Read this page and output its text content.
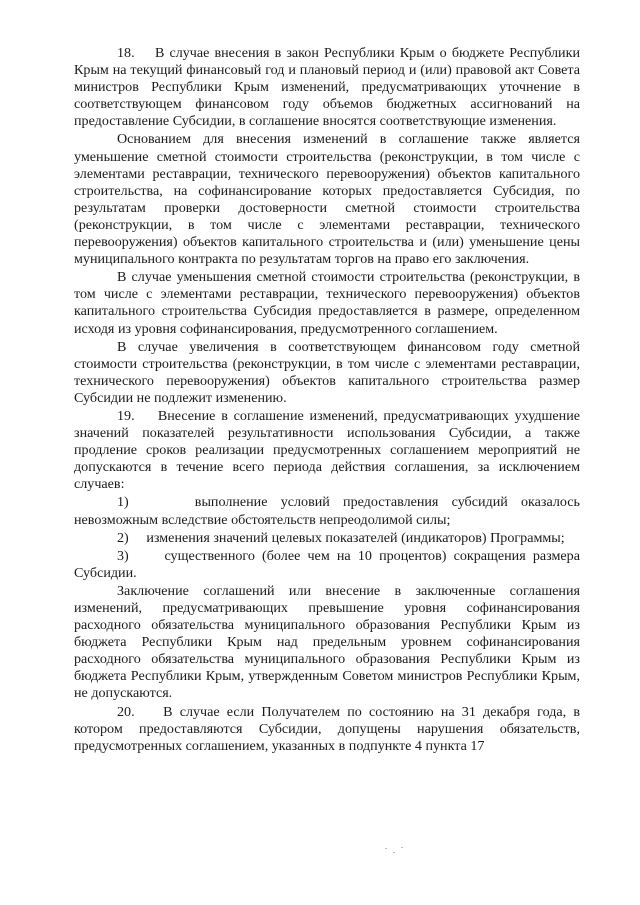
18.    В случае внесения в закон Республики Крым о бюджете Республики Крым на текущий финансовый год и плановый период и (или) правовой акт Совета министров Республики Крым изменений, предусматривающих уточнение в соответствующем финансовом году объемов бюджетных ассигнований на предоставление Субсидии, в соглашение вносятся соответствующие изменения.

Основанием для внесения изменений в соглашение также является уменьшение сметной стоимости строительства (реконструкции, в том числе с элементами реставрации, технического перевооружения) объектов капитального строительства, на софинансирование которых предоставляется Субсидия, по результатам проверки достоверности сметной стоимости строительства (реконструкции, в том числе с элементами реставрации, технического перевооружения) объектов капитального строительства и (или) уменьшение цены муниципального контракта по результатам торгов на право его заключения.

В случае уменьшения сметной стоимости строительства (реконструкции, в том числе с элементами реставрации, технического перевооружения) объектов капитального строительства Субсидия предоставляется в размере, определенном исходя из уровня софинансирования, предусмотренного соглашением.

В случае увеличения в соответствующем финансовом году сметной стоимости строительства (реконструкции, в том числе с элементами реставрации, технического перевооружения) объектов капитального строительства размер Субсидии не подлежит изменению.

19.    Внесение в соглашение изменений, предусматривающих ухудшение значений показателей результативности использования Субсидии, а также продление сроков реализации предусмотренных соглашением мероприятий не допускаются в течение всего периода действия соглашения, за исключением случаев:

1)     выполнение условий предоставления субсидий оказалось невозможным вследствие обстоятельств непреодолимой силы;

2)     изменения значений целевых показателей (индикаторов) Программы;

3)     существенного (более чем на 10 процентов) сокращения размера Субсидии.

Заключение соглашений или внесение в заключенные соглашения изменений, предусматривающих превышение уровня софинансирования расходного обязательства муниципального образования Республики Крым из бюджета Республики Крым над предельным уровнем софинансирования расходного обязательства муниципального образования Республики Крым из бюджета Республики Крым, утвержденным Советом министров Республики Крым, не допускаются.

20.    В случае если Получателем по состоянию на 31 декабря года, в котором предоставляются Субсидии, допущены нарушения обязательств, предусмотренных соглашением, указанных в подпункте 4 пункта 17
